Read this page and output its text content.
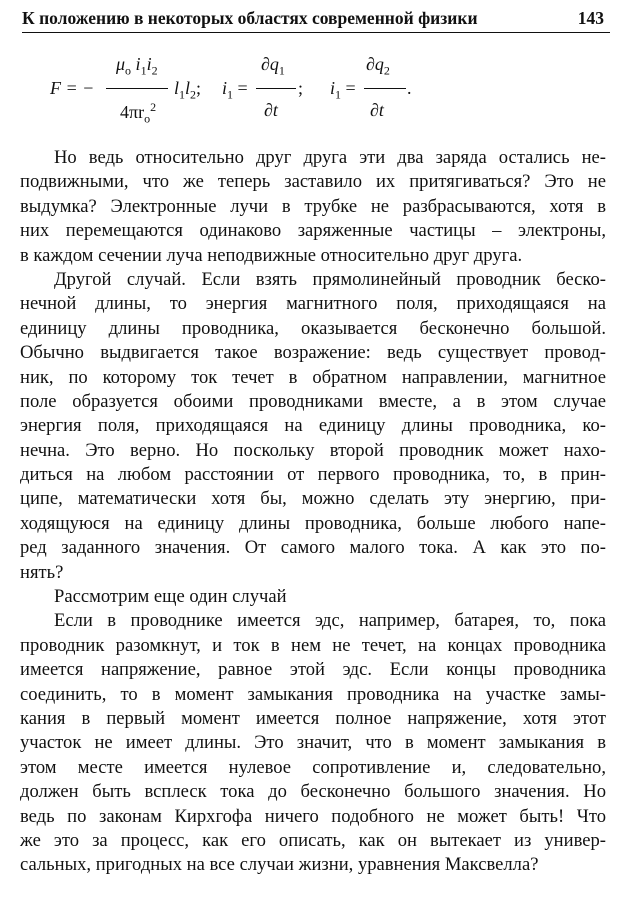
К положению в некоторых областях современной физики	143
F = −
$\mu_o$ $i_1i_2$
$4\pi r_o^2$
$l_1l_2$; $i_1$ =
$\partial q_1$
∂t
; $i_1$ =
$\partial q_2$
∂t
.
Но ведь относительно друг друга эти два заряда остались не-
подвижными, что же теперь заставило их притягиваться? Это не
выдумка? Электронные лучи в трубке не разбрасываются, хотя в
них перемещаются одинаково заряженные частицы – электроны,
в каждом сечении луча неподвижные относительно друг друга.
Другой случай. Если взять прямолинейный проводник беско-
нечной длины, то энергия магнитного поля, приходящаяся на
единицу длины проводника, оказывается бесконечно большой.
Обычно выдвигается такое возражение: ведь существует провод-
ник, по которому ток течет в обратном направлении, магнитное
поле образуется обоими проводниками вместе, а в этом случае
энергия поля, приходящаяся на единицу длины проводника, ко-
нечна. Это верно. Но поскольку второй проводник может нахо-
диться на любом расстоянии от первого проводника, то, в прин-
ципе, математически хотя бы, можно сделать эту энергию, при-
ходящуюся на единицу длины проводника, больше любого напе-
ред заданного значения. От самого малого тока. А как это по-
нять?
Рассмотрим еще один случай
Если в проводнике имеется эдс, например, батарея, то, пока
проводник разомкнут, и ток в нем не течет, на концах проводника
имеется напряжение, равное этой эдс. Если концы проводника
соединить, то в момент замыкания проводника на участке замы-
кания в первый момент имеется полное напряжение, хотя этот
участок не имеет длины. Это значит, что в момент замыкания в
этом месте имеется нулевое сопротивление и, следовательно,
должен быть всплеск тока до бесконечно большого значения. Но
ведь по законам Кирхгофа ничего подобного не может быть! Что
же это за процесс, как его описать, как он вытекает из универ-
сальных, пригодных на все случаи жизни, уравнения Максвелла?
